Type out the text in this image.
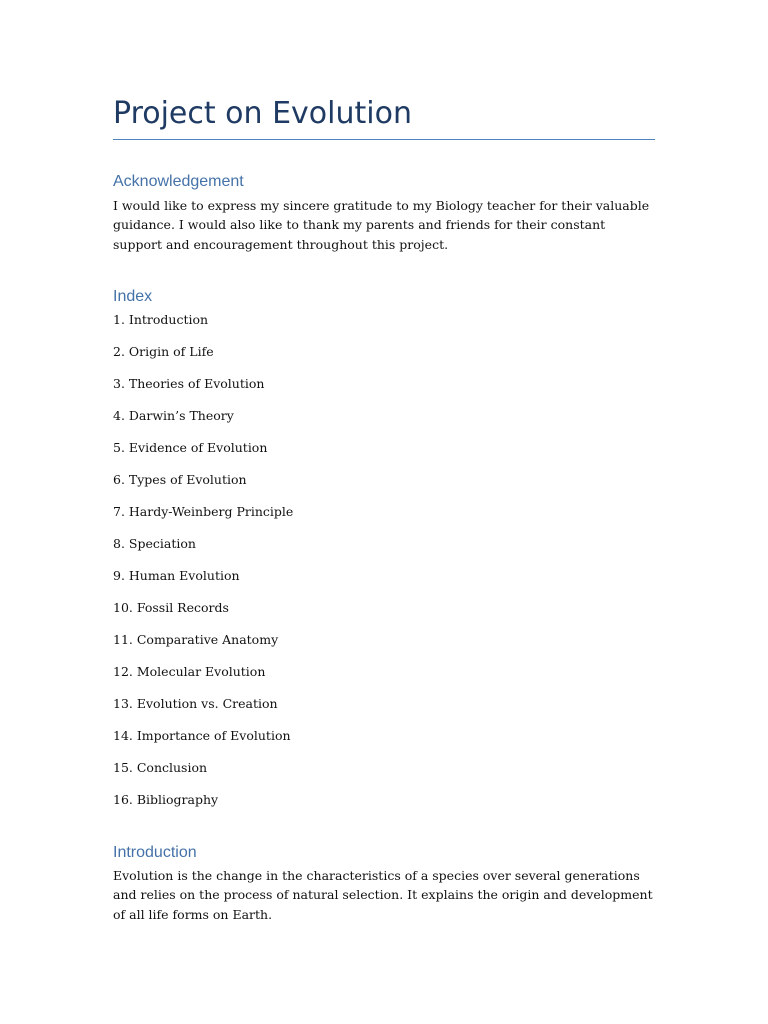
Project on Evolution
Acknowledgement

I would like to express my sincere gratitude to my Biology teacher for their valuable guidance. I would also like to thank my parents and friends for their constant support and encouragement throughout this project.

Index
1. Introduction
2. Origin of Life
3. Theories of Evolution
4. Darwin’s Theory
5. Evidence of Evolution
6. Types of Evolution
7. Hardy-Weinberg Principle
8. Speciation
9. Human Evolution
10. Fossil Records
11. Comparative Anatomy
12. Molecular Evolution
13. Evolution vs. Creation
14. Importance of Evolution
15. Conclusion
16. Bibliography
Introduction

Evolution is the change in the characteristics of a species over several generations and relies on the process of natural selection. It explains the origin and development of all life forms on Earth.
